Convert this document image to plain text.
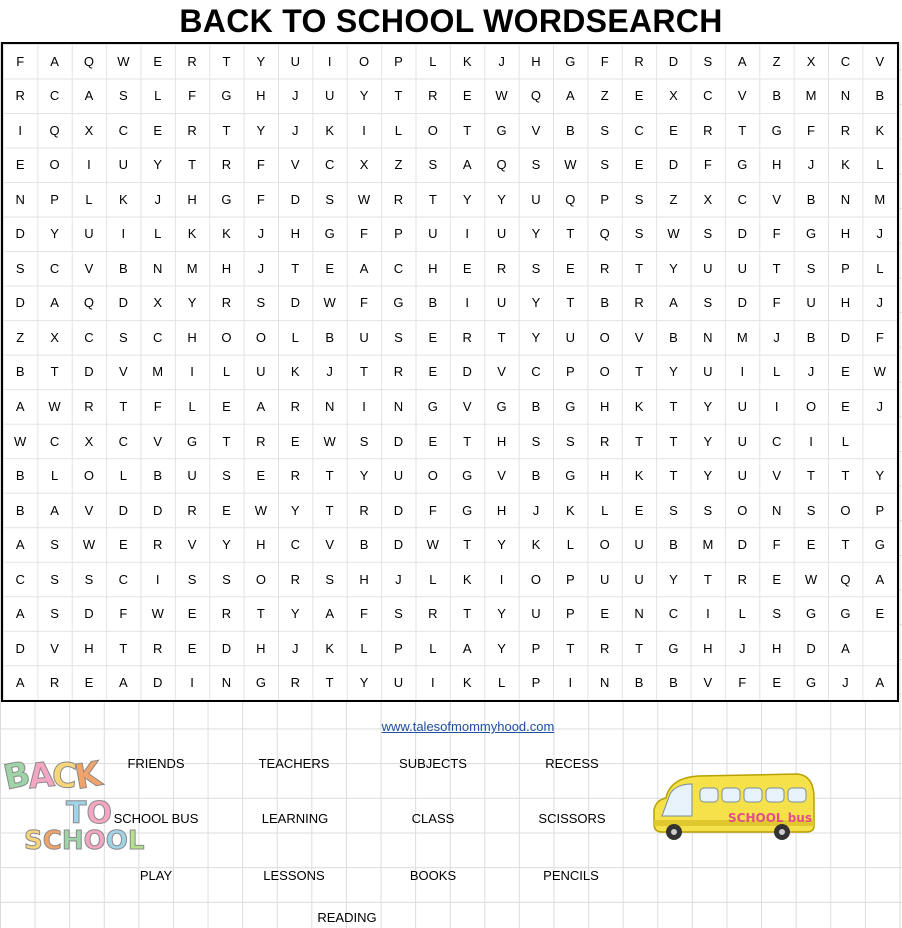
BACK TO SCHOOL WORDSEARCH
F	A	Q	W	E	R	T	Y	U	I	O	P	L	K	J	H	G	F	R	D	S	A	Z	X	C	V
R	C	A	S	L	F	G	H	J	U	Y	T	R	E	W	Q	A	Z	E	X	C	V	B	M	N	B
I	Q	X	C	E	R	T	Y	J	K	I	L	O	T	G	V	B	S	C	E	R	T	G	F	R	K
E	O	I	U	Y	T	R	F	V	C	X	Z	S	A	Q	S	W	S	E	D	F	G	H	J	K	L
N	P	L	K	J	H	G	F	D	S	W	R	T	Y	Y	U	Q	P	S	Z	X	C	V	B	N	M
D	Y	U	I	L	K	K	J	H	G	F	P	U	I	U	Y	T	Q	S	W	S	D	F	G	H	J
S	C	V	B	N	M	H	J	T	E	A	C	H	E	R	S	E	R	T	Y	U	U	T	S	P	L
D	A	Q	D	X	Y	R	S	D	W	F	G	B	I	U	Y	T	B	R	A	S	D	F	U	H	J
Z	X	C	S	C	H	O	O	L	B	U	S	E	R	T	Y	U	O	V	B	N	M	J	B	D	F
B	T	D	V	M	I	L	U	K	J	T	R	E	D	V	C	P	O	T	Y	U	I	L	J	E	W
A	W	R	T	F	L	E	A	R	N	I	N	G	V	G	B	G	H	K	T	Y	U	I	O	E	J
W	C	X	C	V	G	T	R	E	W	S	D	E	T	H	S	S	R	T	T	Y	U	C	I	L
B	L	O	L	B	U	S	E	R	T	Y	U	O	G	V	B	G	H	K	T	Y	U	V	T	T	Y
B	A	V	D	D	R	E	W	Y	T	R	D	F	G	H	J	K	L	E	S	S	O	N	S	O	P
A	S	W	E	R	V	Y	H	C	V	B	D	W	T	Y	K	L	O	U	B	M	D	F	E	T	G
C	S	S	C	I	S	S	O	R	S	H	J	L	K	I	O	P	U	U	Y	T	R	E	W	Q	A
A	S	D	F	W	E	R	T	Y	A	F	S	R	T	Y	U	P	E	N	C	I	L	S	G	G	E
D	V	H	T	R	E	D	H	J	K	L	P	L	A	Y	P	T	R	T	G	H	J	H	D	A
A	R	E	A	D	I	N	G	R	T	Y	U	I	K	L	P	I	N	B	B	V	F	E	G	J	A
www.talesofmommyhood.com
FRIENDS	TEACHERS	SUBJECTS	RECESS
SCHOOL BUS	LEARNING	CLASS	SCISSORS
PLAY	LESSONS	BOOKS	PENCILS
READING
BACK
TO
SCHOOL
SCHOOL bus
